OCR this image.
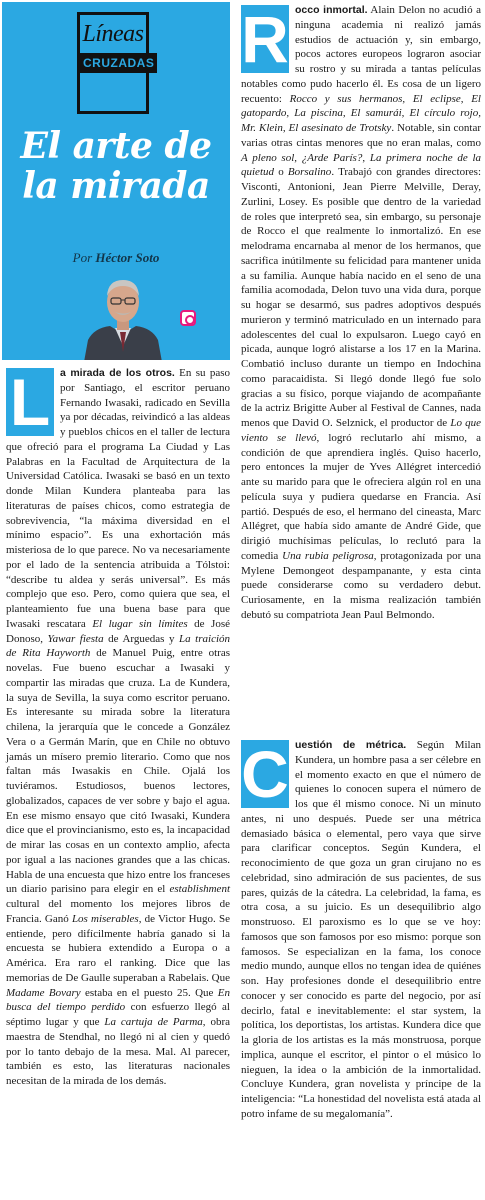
Líneas
CRUZADAS
El arte de
la mirada
Por Héctor Soto
L a mirada de los otros. En su paso por Santiago, el escritor peruano Fernando Iwasaki, radicado en Sevilla ya por décadas, reivindicó a las aldeas y pueblos chicos en el taller de lectura que ofreció para el programa La Ciudad y Las Palabras en la Facultad de Arquitectura de la Universidad Católica. Iwasaki se basó en un texto donde Milan Kundera planteaba para las literaturas de países chicos, como estrategia de sobrevivencia, “la máxima diversidad en el mínimo espacio”. Es una exhortación más misteriosa de lo que parece. No va necesariamente por el lado de la sentencia atribuida a Tólstoi: “describe tu aldea y serás universal”. Es más complejo que eso. Pero, como quiera que sea, el planteamiento fue una buena base para que Iwasaki rescatara El lugar sin límites de José Donoso, Yawar fiesta de Arguedas y La traición de Rita Hayworth de Manuel Puig, entre otras novelas. Fue bueno escuchar a Iwasaki y compartir las miradas que cruza. La de Kundera, la suya de Sevilla, la suya como escritor peruano. Es interesante su mirada sobre la literatura chilena, la jerarquía que le concede a González Vera o a Germán Marín, que en Chile no obtuvo jamás un mísero premio literario. Como que nos faltan más Iwasakis en Chile. Ojalá los tuviéramos. Estudiosos, buenos lectores, globalizados, capaces de ver sobre y bajo el agua. En ese mismo ensayo que citó Iwasaki, Kundera dice que el provincianismo, esto es, la incapacidad de mirar las cosas en un contexto amplio, afecta por igual a las naciones grandes que a las chicas. Habla de una encuesta que hizo entre los franceses un diario parisino para elegir en el establishment cultural del momento los mejores libros de Francia. Ganó Los miserables, de Victor Hugo. Se entiende, pero difícilmente habría ganado si la encuesta se hubiera extendido a Europa o a América. Era raro el ranking. Dice que las memorias de De Gaulle superaban a Rabelais. Que Madame Bovary estaba en el puesto 25. Que En busca del tiempo perdido con esfuerzo llegó al séptimo lugar y que La cartuja de Parma, obra maestra de Stendhal, no llegó ni al cien y quedó por lo tanto debajo de la mesa. Mal. Al parecer, también es esto, las literaturas nacionales necesitan de la mirada de los demás.
R occo inmortal. Alain Delon no acudió a ninguna academia ni realizó jamás estudios de actuación y, sin embargo, pocos actores europeos lograron asociar su rostro y su mirada a tantas películas notables como pudo hacerlo él. Es cosa de un ligero recuento: Rocco y sus hermanos, El eclipse, El gatopardo, La piscina, El samurái, El círculo rojo, Mr. Klein, El asesinato de Trotsky. Notable, sin contar varias otras cintas menores que no eran malas, como A pleno sol, ¿Arde París?, La primera noche de la quietud o Borsalino. Trabajó con grandes directores: Visconti, Antonioni, Jean Pierre Melville, Deray, Zurlini, Losey. Es posible que dentro de la variedad de roles que interpretó sea, sin embargo, su personaje de Rocco el que realmente lo inmortalizó. En ese melodrama encarnaba al menor de los hermanos, que sacrifica inútilmente su felicidad para mantener unida a su familia. Aunque había nacido en el seno de una familia acomodada, Delon tuvo una vida dura, porque su hogar se desarmó, sus padres adoptivos después murieron y terminó matriculado en un internado para adolescentes del cual lo expulsaron. Luego cayó en picada, aunque logró alistarse a los 17 en la Marina. Combatió incluso durante un tiempo en Indochina como paracaidista. Si llegó donde llegó fue solo gracias a su físico, porque viajando de acompañante de la actriz Brigitte Auber al Festival de Cannes, nada menos que David O. Selznick, el productor de Lo que viento se llevó, logró reclutarlo ahí mismo, a condición de que aprendiera inglés. Quiso hacerlo, pero entonces la mujer de Yves Allégret intercedió ante su marido para que le ofreciera algún rol en una película suya y pudiera quedarse en Francia. Así partió. Después de eso, el hermano del cineasta, Marc Allégret, que había sido amante de André Gide, que dirigió muchísimas películas, lo reclutó para la comedia Una rubia peligrosa, protagonizada por una Mylene Demongeot despampanante, y esta cinta puede considerarse como su verdadero debut. Curiosamente, en la misma realización también debutó su compatriota Jean Paul Belmondo.
C uestión de métrica. Según Milan Kundera, un hombre pasa a ser célebre en el momento exacto en que el número de quienes lo conocen supera el número de los que él mismo conoce. Ni un minuto antes, ni uno después. Puede ser una métrica demasiado básica o elemental, pero vaya que sirve para clarificar conceptos. Según Kundera, el reconocimiento de que goza un gran cirujano no es celebridad, sino admiración de sus pacientes, de sus pares, quizás de la cátedra. La celebridad, la fama, es otra cosa, a su juicio. Es un desequilibrio algo monstruoso. El paroxismo es lo que se ve hoy: famosos que son famosos por eso mismo: porque son famosos. Se especializan en la fama, los conoce medio mundo, aunque ellos no tengan idea de quiénes son. Hay profesiones donde el desequilibrio entre conocer y ser conocido es parte del negocio, por así decirlo, fatal e inevitablemente: el star system, la política, los deportistas, los artistas. Kundera dice que la gloria de los artistas es la más monstruosa, porque implica, aunque el escritor, el pintor o el músico lo nieguen, la idea o la ambición de la inmortalidad. Concluye Kundera, gran novelista y príncipe de la inteligencia: “La honestidad del novelista está atada al potro infame de su megalomanía”.
